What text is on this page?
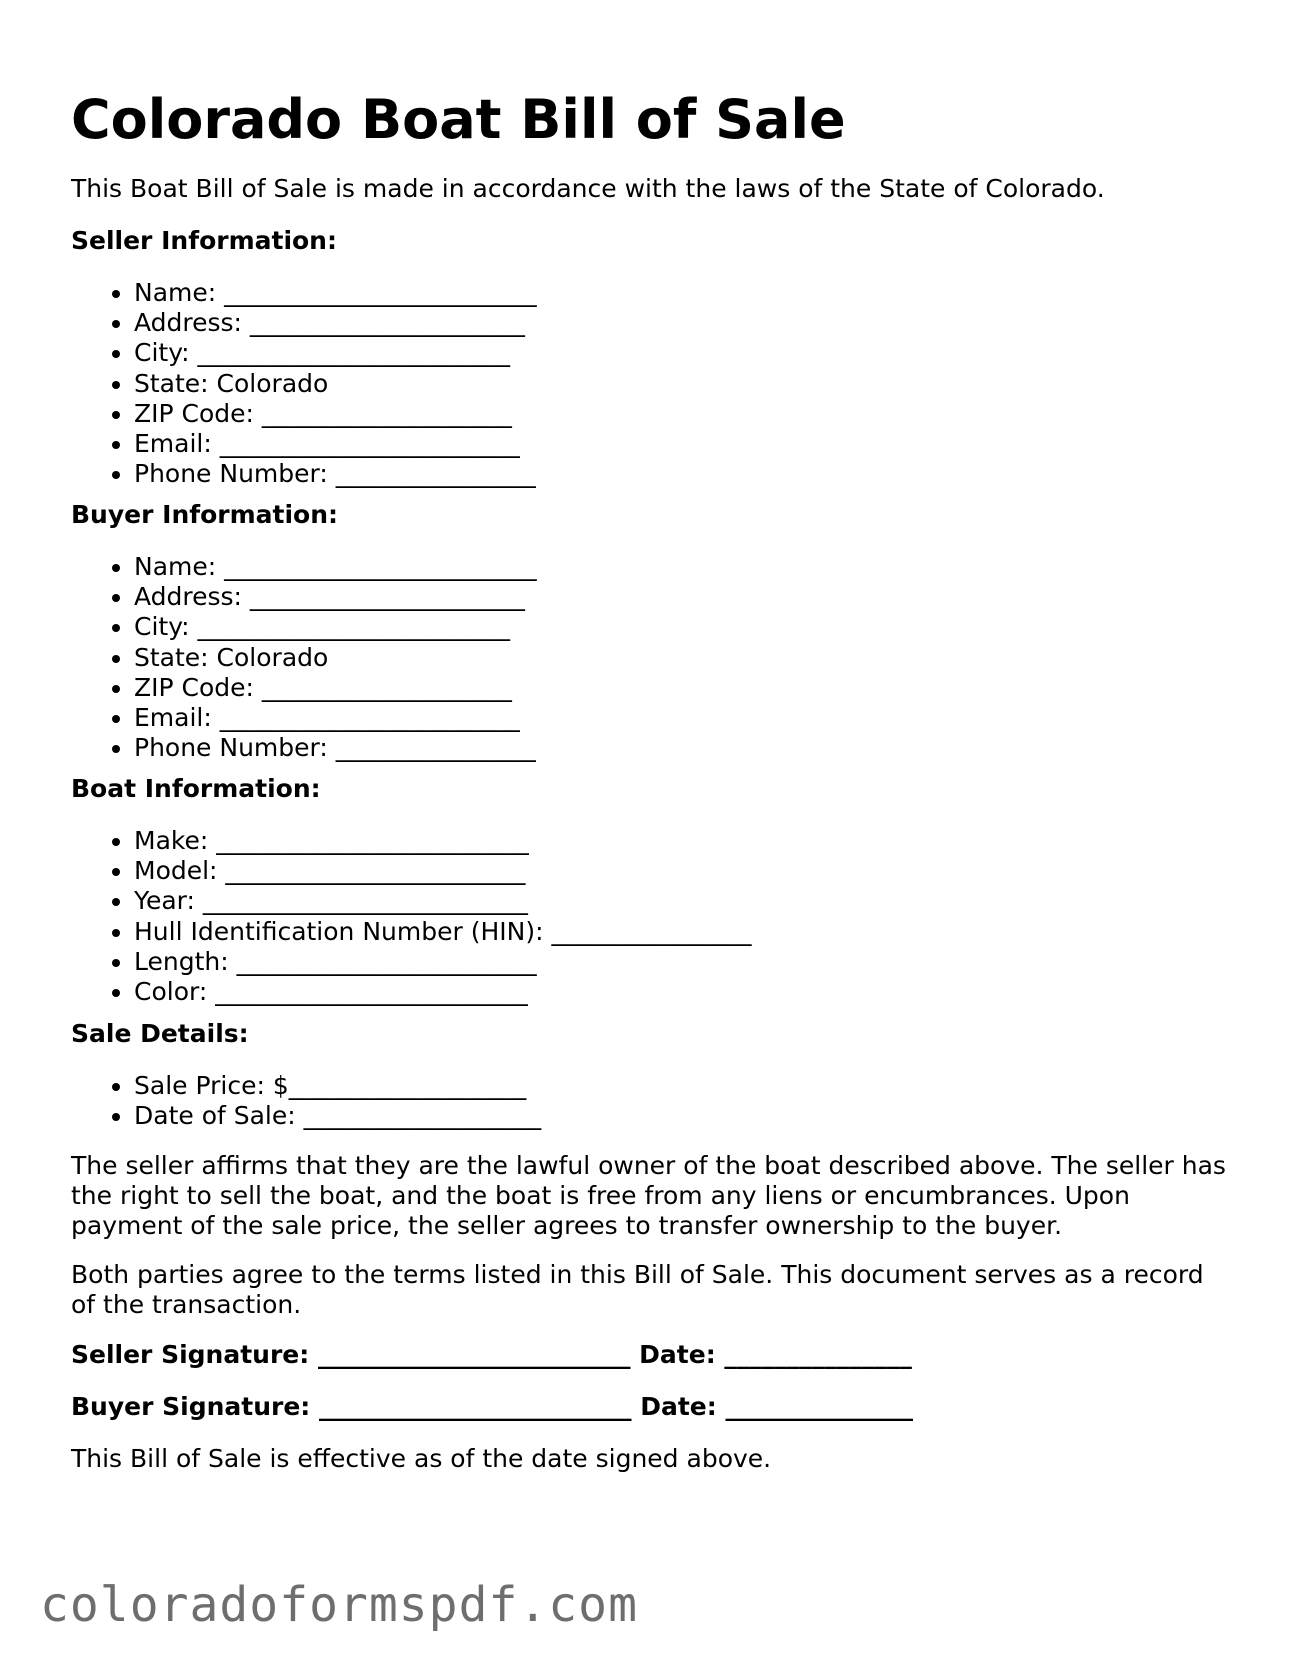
Colorado Boat Bill of Sale

This Boat Bill of Sale is made in accordance with the laws of the State of Colorado.

Seller Information:

• Name: _________________________
• Address: ______________________
• City: _________________________
• State: Colorado
• ZIP Code: ____________________
• Email: ________________________
• Phone Number: ________________

Buyer Information:

• Name: _________________________
• Address: ______________________
• City: _________________________
• State: Colorado
• ZIP Code: ____________________
• Email: ________________________
• Phone Number: ________________

Boat Information:

• Make: _________________________
• Model: ________________________
• Year: __________________________
• Hull Identification Number (HIN): ________________
• Length: ________________________
• Color: _________________________

Sale Details:

• Sale Price: $___________________
• Date of Sale: ___________________

The seller affirms that they are the lawful owner of the boat described above. The seller has the right to sell the boat, and the boat is free from any liens or encumbrances. Upon payment of the sale price, the seller agrees to transfer ownership to the buyer.

Both parties agree to the terms listed in this Bill of Sale. This document serves as a record of the transaction.

Seller Signature: _________________________ Date: _______________

Buyer Signature: _________________________ Date: _______________

This Bill of Sale is effective as of the date signed above.

coloradoformspdf.com
